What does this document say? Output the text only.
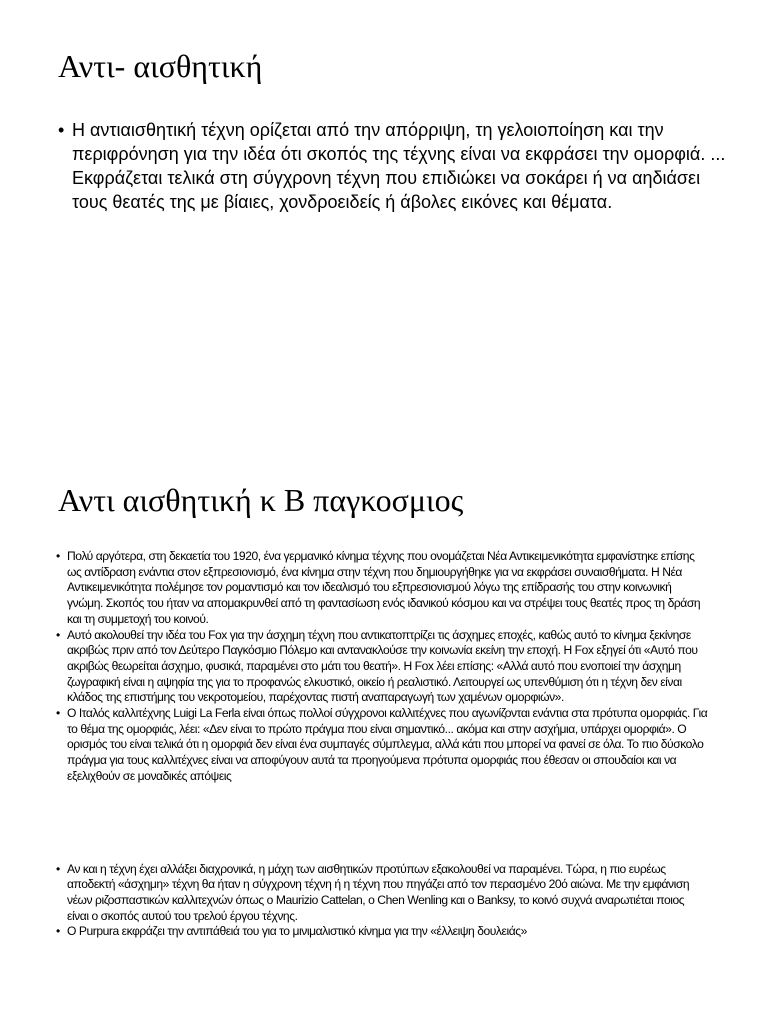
Αντι- αισθητική
• Η αντιαισθητική τέχνη ορίζεται από την απόρριψη, τη γελοιοποίηση και την περιφρόνηση για την ιδέα ότι σκοπός της τέχνης είναι να εκφράσει την ομορφιά. ... Εκφράζεται τελικά στη σύγχρονη τέχνη που επιδιώκει να σοκάρει ή να αηδιάσει τους θεατές της με βίαιες, χονδροειδείς ή άβολες εικόνες και θέματα.
Αντι αισθητική κ Β παγκοσμιος
• Πολύ αργότερα, στη δεκαετία του 1920, ένα γερμανικό κίνημα τέχνης που ονομάζεται Νέα Αντικειμενικότητα εμφανίστηκε επίσης ως αντίδραση ενάντια στον εξπρεσιονισμό, ένα κίνημα στην τέχνη που δημιουργήθηκε για να εκφράσει συναισθήματα. Η Νέα Αντικειμενικότητα πολέμησε τον ρομαντισμό και τον ιδεαλισμό του εξπρεσιονισμού λόγω της επίδρασής του στην κοινωνική γνώμη. Σκοπός του ήταν να απομακρυνθεί από τη φαντασίωση ενός ιδανικού κόσμου και να στρέψει τους θεατές προς τη δράση και τη συμμετοχή του κοινού.
• Αυτό ακολουθεί την ιδέα του Fox για την άσχημη τέχνη που αντικατοπτρίζει τις άσχημες εποχές, καθώς αυτό το κίνημα ξεκίνησε ακριβώς πριν από τον Δεύτερο Παγκόσμιο Πόλεμο και αντανακλούσε την κοινωνία εκείνη την εποχή. Η Fox εξηγεί ότι «Αυτό που ακριβώς θεωρείται άσχημο, φυσικά, παραμένει στο μάτι του θεατή». Η Fox λέει επίσης: «Αλλά αυτό που ενοποιεί την άσχημη ζωγραφική είναι η αψηφία της για το προφανώς ελκυστικό, οικείο ή ρεαλιστικό. Λειτουργεί ως υπενθύμιση ότι η τέχνη δεν είναι κλάδος της επιστήμης του νεκροτομείου, παρέχοντας πιστή αναπαραγωγή των χαμένων ομορφιών».
• Ο Ιταλός καλλιτέχνης Luigi La Ferla είναι όπως πολλοί σύγχρονοι καλλιτέχνες που αγωνίζονται ενάντια στα πρότυπα ομορφιάς. Για το θέμα της ομορφιάς, λέει: «Δεν είναι το πρώτο πράγμα που είναι σημαντικό... ακόμα και στην ασχήμια, υπάρχει ομορφιά». Ο ορισμός του είναι τελικά ότι η ομορφιά δεν είναι ένα συμπαγές σύμπλεγμα, αλλά κάτι που μπορεί να φανεί σε όλα. Το πιο δύσκολο πράγμα για τους καλλιτέχνες είναι να αποφύγουν αυτά τα προηγούμενα πρότυπα ομορφιάς που έθεσαν οι σπουδαίοι και να εξελιχθούν σε μοναδικές απόψεις
• Αν και η τέχνη έχει αλλάξει διαχρονικά, η μάχη των αισθητικών προτύπων εξακολουθεί να παραμένει. Τώρα, η πιο ευρέως αποδεκτή «άσχημη» τέχνη θα ήταν η σύγχρονη τέχνη ή η τέχνη που πηγάζει από τον περασμένο 20ό αιώνα. Με την εμφάνιση νέων ριζοσπαστικών καλλιτεχνών όπως ο Maurizio Cattelan, ο Chen Wenling και ο Banksy, το κοινό συχνά αναρωτιέται ποιος είναι ο σκοπός αυτού του τρελού έργου τέχνης.
• Ο Purpura εκφράζει την αντιπάθειά του για το μινιμαλιστικό κίνημα για την «έλλειψη δουλειάς»
